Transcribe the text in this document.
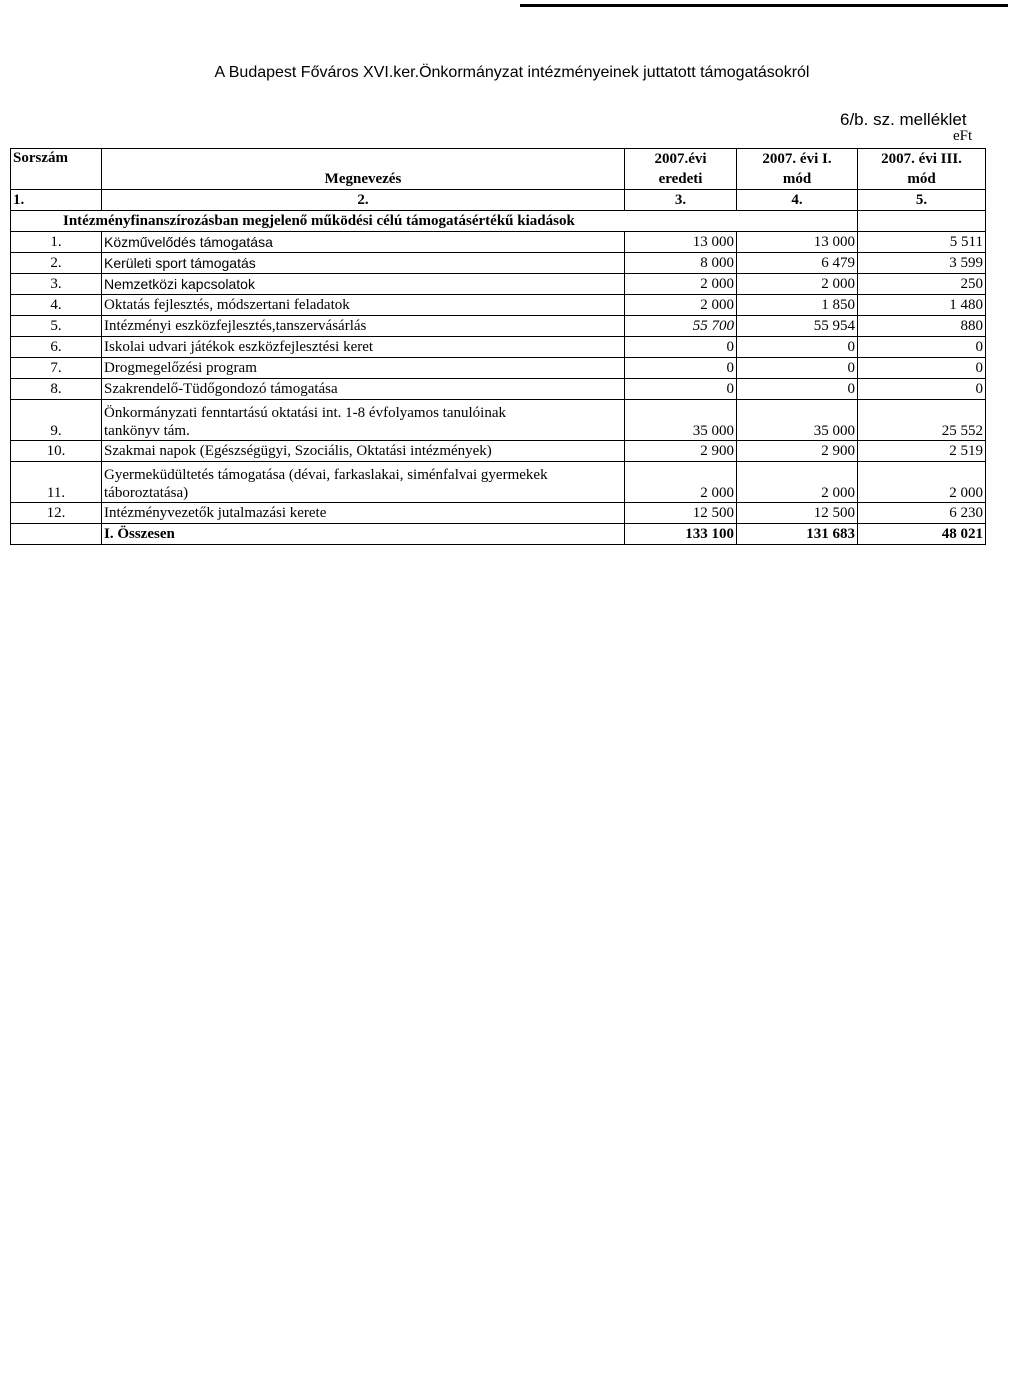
A Budapest Főváros XVI.ker.Önkormányzat intézményeinek juttatott támogatásokról
6/b. sz. melléklet
eFt
Sorszám		2007.évi	2007. évi I.	2007. évi III.
	Megnevezés	eredeti	mód	mód
1.	2.	3.	4.	5.
Intézményfinanszírozásban megjelenő működési célú támogatásértékű kiadások				
1.	Közművelődés támogatása	13 000	13 000	5 511
2.	Kerületi sport támogatás	8 000	6 479	3 599
3.	Nemzetközi kapcsolatok	2 000	2 000	250
4.	Oktatás fejlesztés, módszertani feladatok	2 000	1 850	1 480
5.	Intézményi eszközfejlesztés,tanszervásárlás	55 700	55 954	880
6.	Iskolai udvari játékok eszközfejlesztési keret	0	0	0
7.	Drogmegelőzési program	0	0	0
8.	Szakrendelő-Tüdőgondozó támogatása	0	0	0
9.	Önkormányzati fenntartású oktatási int. 1-8 évfolyamos tanulóinak
tankönyv tám.	35 000	35 000	25 552
10.	Szakmai napok (Egészségügyi, Szociális, Oktatási intézmények)	2 900	2 900	2 519
11.	Gyermeküdültetés támogatása (dévai, farkaslakai, siménfalvai gyermekek
táboroztatása)	2 000	2 000	2 000
12.	Intézményvezetők jutalmazási kerete	12 500	12 500	6 230
	I. Összesen	133 100	131 683	48 021
